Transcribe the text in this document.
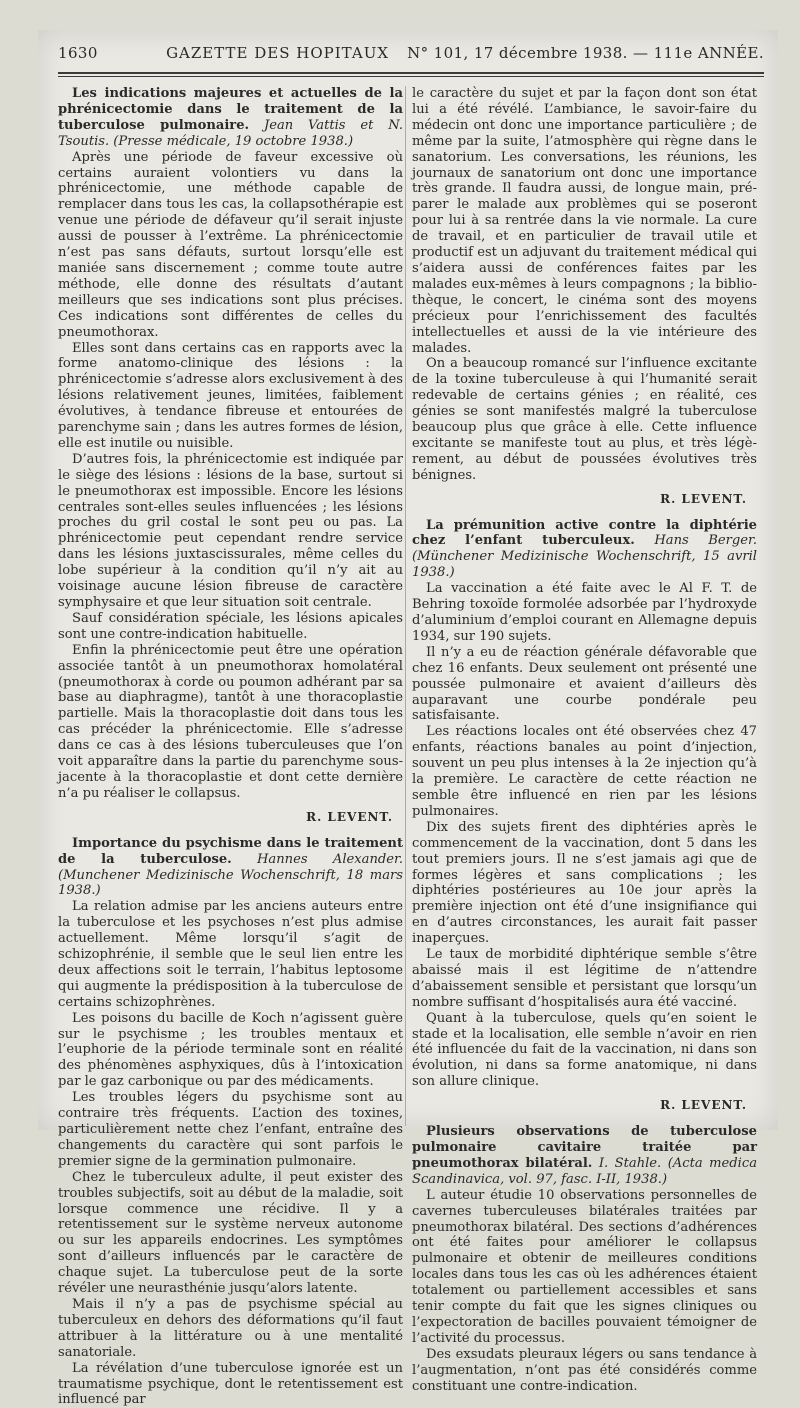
1630	GAZETTE DES HOPITAUX	N° 101, 17 décembre 1938. — 111e ANNÉE.

Les indications majeures et actuelles de la phrénicectomie dans le traitement de la tuberculose pulmonaire. Jean Vattis et N. Tsoutis. (Presse médicale, 19 octobre 1938.)

Après une période de faveur excessive où certains auraient volontiers vu dans la phrénicectomie, une méthode capable de remplacer dans tous les cas, la collapsothérapie est venue une période de défaveur qu’il serait injuste aussi de pousser à l’extrême. La phrénicectomie n’est pas sans défauts, surtout lorsqu’elle est maniée sans discernement ; comme toute autre méthode, elle donne des résultats d’autant meilleurs que ses indications sont plus précises. Ces indications sont différentes de celles du pneumothorax.

Elles sont dans certains cas en rapports avec la forme anatomo-clinique des lésions : la phrénicectomie s’adresse alors exclusivement à des lésions relativement jeunes, limitées, faiblement évolutives, à tendance fibreuse et entourées de parenchyme sain ; dans les autres formes de lésion, elle est inutile ou nuisible.

D’autres fois, la phrénicectomie est indiquée par le siège des lésions : lésions de la base, surtout si le pneumothorax est impossible. Encore les lésions centrales sont-elles seules influencées ; les lésions proches du gril costal le sont peu ou pas. La phrénicectomie peut cependant rendre service dans les lésions juxtascissurales, même celles du lobe supérieur à la condition qu’il n’y ait au voisinage aucune lésion fibreuse de caractère symphysaire et que leur situation soit centrale.

Sauf considération spéciale, les lésions apicales sont une contre-indication habituelle.

Enfin la phrénicectomie peut être une opération associée tantôt à un pneumothorax homolatéral (pneumothorax à corde ou poumon adhérant par sa base au diaphragme), tantôt à une thoracoplastie partielle. Mais la thoracoplastie doit dans tous les cas précéder la phrénicectomie. Elle s’adresse dans ce cas à des lésions tuberculeuses que l’on voit apparaître dans la partie du parenchyme sous-jacente à la thoracoplastie et dont cette dernière n’a pu réaliser le collapsus.

R. LEVENT.

Importance du psychisme dans le traitement de la tuberculose. Hannes Alexander. (Munchener Medizinische Wochenschrift, 18 mars 1938.)

La relation admise par les anciens auteurs entre la tuberculose et les psychoses n’est plus admise actuellement. Même lorsqu’il s’agit de schizophrénie, il semble que le seul lien entre les deux affections soit le terrain, l’habitus leptosome qui augmente la prédisposition à la tuberculose de certains schizophrènes.

Les poisons du bacille de Koch n’agissent guère sur le psychisme ; les troubles mentaux et l’euphorie de la période terminale sont en réalité des phénomènes asphyxiques, dûs à l’intoxication par le gaz carbonique ou par des médicaments.

Les troubles légers du psychisme sont au contraire très fréquents. L’action des toxines, particulièrement nette chez l’enfant, entraîne des changements du caractère qui sont parfois le premier signe de la germination pulmonaire.

Chez le tuberculeux adulte, il peut exister des troubles subjectifs, soit au début de la maladie, soit lorsque commence une récidive. Il y a retentissement sur le système nerveux autonome ou sur les appareils endocrines. Les symptômes sont d’ailleurs influencés par le caractère de chaque sujet. La tuberculose peut de la sorte révéler une neurasthénie jusqu’alors latente.

Mais il n’y a pas de psychisme spécial au tuberculeux en dehors des déformations qu’il faut attribuer à la littérature ou à une mentalité sanatoriale.

La révélation d’une tuberculose ignorée est un traumatisme psychique, dont le retentissement est influencé par

le caractère du sujet et par la façon dont son état lui a été révélé. L’ambiance, le savoir-faire du médecin ont donc une importance particulière ; de même par la suite, l’atmosphère qui règne dans le sanatorium. Les conversations, les réunions, les journaux de sanatorium ont donc une importance très grande. Il faudra aussi, de longue main, préparer le malade aux problèmes qui se poseront pour lui à sa rentrée dans la vie normale. La cure de travail, et en particulier de travail utile et productif est un adjuvant du traitement médical qui s’aidera aussi de conférences faites par les malades eux-mêmes à leurs compagnons ; la bibliothèque, le concert, le cinéma sont des moyens précieux pour l’enrichissement des facultés intellectuelles et aussi de la vie intérieure des malades.

On a beaucoup romancé sur l’influence excitante de la toxine tuberculeuse à qui l’humanité serait redevable de certains génies ; en réalité, ces génies se sont manifestés malgré la tuberculose beaucoup plus que grâce à elle. Cette influence excitante se manifeste tout au plus, et très légèrement, au début de poussées évolutives très bénignes.

R. LEVENT.

La prémunition active contre la diphtérie chez l’enfant tuberculeux. Hans Berger. (Münchener Medizinische Wochenschrift, 15 avril 1938.)

La vaccination a été faite avec le Al F. T. de Behring toxoïde formolée adsorbée par l’hydroxyde d’aluminium d’emploi courant en Allemagne depuis 1934, sur 190 sujets.

Il n’y a eu de réaction générale défavorable que chez 16 enfants. Deux seulement ont présenté une poussée pulmonaire et avaient d’ailleurs dès auparavant une courbe pondérale peu satisfaisante.

Les réactions locales ont été observées chez 47 enfants, réactions banales au point d’injection, souvent un peu plus intenses à la 2e injection qu’à la première. Le caractère de cette réaction ne semble être influencé en rien par les lésions pulmonaires.

Dix des sujets firent des diphtéries après le commencement de la vaccination, dont 5 dans les tout premiers jours. Il ne s’est jamais agi que de formes légères et sans complications ; les diphtéries postérieures au 10e jour après la première injection ont été d’une insignifiance qui en d’autres circonstances, les aurait fait passer inaperçues.

Le taux de morbidité diphtérique semble s’être abaissé mais il est légitime de n’attendre d’abaissement sensible et persistant que lorsqu’un nombre suffisant d’hospitalisés aura été vacciné.

Quant à la tuberculose, quels qu’en soient le stade et la localisation, elle semble n’avoir en rien été influencée du fait de la vaccination, ni dans son évolution, ni dans sa forme anatomique, ni dans son allure clinique.

R. LEVENT.

Plusieurs observations de tuberculose pulmonaire cavitaire traitée par pneumothorax bilatéral. I. Stahle. (Acta medica Scandinavica, vol. 97, fasc. I-II, 1938.)

L auteur étudie 10 observations personnelles de cavernes tuberculeuses bilatérales traitées par pneumothorax bilatéral. Des sections d’adhérences ont été faites pour améliorer le collapsus pulmonaire et obtenir de meilleures conditions locales dans tous les cas où les adhérences étaient totalement ou partiellement accessibles et sans tenir compte du fait que les signes cliniques ou l’expectoration de bacilles pouvaient témoigner de l’activité du processus.

Des exsudats pleuraux légers ou sans tendance à l’augmentation, n’ont pas été considérés comme constituant une contre-indication.
